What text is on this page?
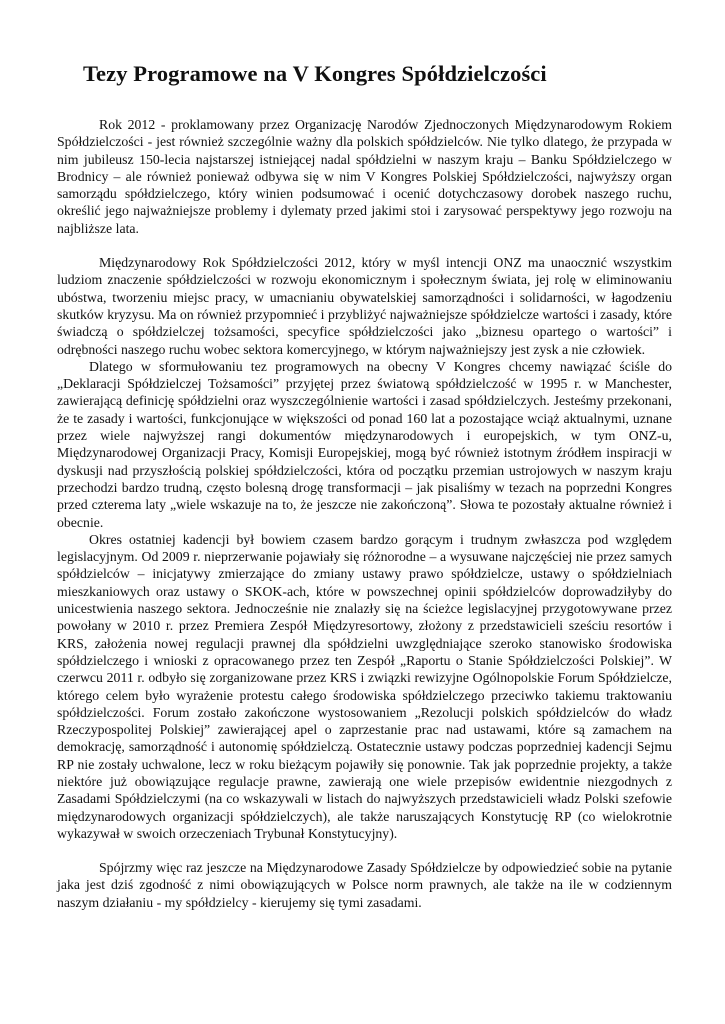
Tezy Programowe na V Kongres Spółdzielczości

Rok 2012 - proklamowany przez Organizację Narodów Zjednoczonych Międzynarodowym Rokiem Spółdzielczości - jest również szczególnie ważny dla polskich spółdzielców. Nie tylko dlatego, że przypada w nim jubileusz 150-lecia najstarszej istniejącej nadal spółdzielni w naszym kraju – Banku Spółdzielczego w Brodnicy – ale również ponieważ odbywa się w nim V Kongres Polskiej Spółdzielczości, najwyższy organ samorządu spółdzielczego, który winien podsumować i ocenić dotychczasowy dorobek naszego ruchu, określić jego najważniejsze problemy i dylematy przed jakimi stoi i zarysować perspektywy jego rozwoju na najbliższe lata.

Międzynarodowy Rok Spółdzielczości 2012, który w myśl intencji ONZ ma unaocznić wszystkim ludziom znaczenie spółdzielczości w rozwoju ekonomicznym i społecznym świata, jej rolę w eliminowaniu ubóstwa, tworzeniu miejsc pracy, w umacnianiu obywatelskiej samorządności i solidarności, w łagodzeniu skutków kryzysu. Ma on również przypomnieć i przybliżyć najważniejsze spółdzielcze wartości i zasady, które świadczą o spółdzielczej tożsamości, specyfice spółdzielczości jako „biznesu opartego o wartości” i odrębności naszego ruchu wobec sektora komercyjnego, w którym najważniejszy jest zysk a nie człowiek.

Dlatego w sformułowaniu tez programowych na obecny V Kongres chcemy nawiązać ściśle do „Deklaracji Spółdzielczej Tożsamości” przyjętej przez światową spółdzielczość w 1995 r. w Manchester, zawierającą definicję spółdzielni oraz wyszczególnienie wartości i zasad spółdzielczych. Jesteśmy przekonani, że te zasady i wartości, funkcjonujące w większości od ponad 160 lat a pozostające wciąż aktualnymi, uznane przez wiele najwyższej rangi dokumentów międzynarodowych i europejskich, w tym ONZ-u, Międzynarodowej Organizacji Pracy, Komisji Europejskiej, mogą być również istotnym źródłem inspiracji w dyskusji nad przyszłością polskiej spółdzielczości, która od początku przemian ustrojowych w naszym kraju przechodzi bardzo trudną, często bolesną drogę transformacji – jak pisaliśmy w tezach na poprzedni Kongres przed czterema laty „wiele wskazuje na to, że jeszcze nie zakończoną”. Słowa te pozostały aktualne również i obecnie.

Okres ostatniej kadencji był bowiem czasem bardzo gorącym i trudnym zwłaszcza pod względem legislacyjnym. Od 2009 r. nieprzerwanie pojawiały się różnorodne – a wysuwane najczęściej nie przez samych spółdzielców – inicjatywy zmierzające do zmiany ustawy prawo spółdzielcze, ustawy o spółdzielniach mieszkaniowych oraz ustawy o SKOK-ach, które w powszechnej opinii spółdzielców doprowadziłyby do unicestwienia naszego sektora. Jednocześnie nie znalazły się na ścieżce legislacyjnej przygotowywane przez powołany w 2010 r. przez Premiera Zespół Międzyresortowy, złożony z przedstawicieli sześciu resortów i KRS, założenia nowej regulacji prawnej dla spółdzielni uwzględniające szeroko stanowisko środowiska spółdzielczego i wnioski z opracowanego przez ten Zespół „Raportu o Stanie Spółdzielczości Polskiej”. W czerwcu 2011 r. odbyło się zorganizowane przez KRS i związki rewizyjne Ogólnopolskie Forum Spółdzielcze, którego celem było wyrażenie protestu całego środowiska spółdzielczego przeciwko takiemu traktowaniu spółdzielczości. Forum zostało zakończone wystosowaniem „Rezolucji polskich spółdzielców do władz Rzeczypospolitej Polskiej” zawierającej apel o zaprzestanie prac nad ustawami, które są zamachem na demokrację, samorządność i autonomię spółdzielczą. Ostatecznie ustawy podczas poprzedniej kadencji Sejmu RP nie zostały uchwalone, lecz w roku bieżącym pojawiły się ponownie. Tak jak poprzednie projekty, a także niektóre już obowiązujące regulacje prawne, zawierają one wiele przepisów ewidentnie niezgodnych z Zasadami Spółdzielczymi (na co wskazywali w listach do najwyższych przedstawicieli władz Polski szefowie międzynarodowych organizacji spółdzielczych), ale także naruszających Konstytucję RP (co wielokrotnie wykazywał w swoich orzeczeniach Trybunał Konstytucyjny).

Spójrzmy więc raz jeszcze na Międzynarodowe Zasady Spółdzielcze by odpowiedzieć sobie na pytanie jaka jest dziś zgodność z nimi obowiązujących w Polsce norm prawnych, ale także na ile w codziennym naszym działaniu - my spółdzielcy - kierujemy się tymi zasadami.
